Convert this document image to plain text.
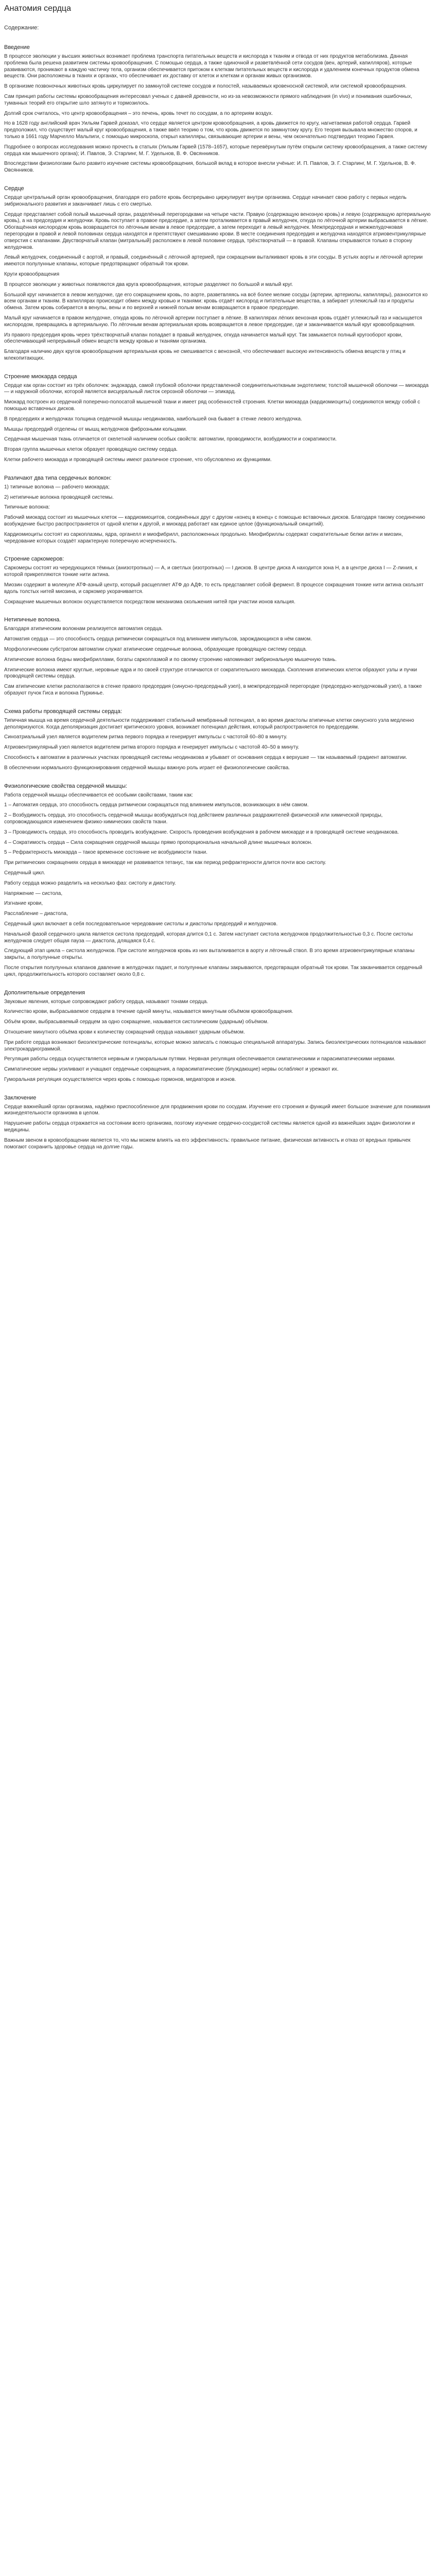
Анатомия сердца
Содержание:
Введение

В процессе эволюции у высших животных возникает проблема транспорта питательных веществ и кислорода к тканям и отвода от них продуктов метаболизма. Данная проблема была решена развитием системы кровообращения. С помощью сердца, а также одиночной и разветвлённой сети сосудов (вен, артерий, капилляров), которые развиваются, проникают в каждую частичку тела, организм обеспечивается притоком к клеткам питательных веществ и кислорода и удалением конечных продуктов обмена веществ. Они расположены в тканях и органах, что обеспечивает их доставку от клеток и клеткам и органам живых организмов.

В организме позвоночных животных кровь циркулирует по замкнутой системе сосудов и полостей, называемых кровеносной системой, или системой кровообращения.

Сам принцип работы системы кровообращения интересовал ученых с давней древности, но из-за невозможности прямого наблюдения (in vivo) и понимания ошибочных, туманных теорий его открытие шло затянуто и тормозилось.

Долгий срок считалось, что центр кровообращения – это печень, кровь течет по сосудам, а по артериям воздух.

Но в 1628 году английский врач Уильям Гарвей доказал, что сердце является центром кровообращения, а кровь движется по кругу, нагнетаемая работой сердца. Гарвей предположил, что существует малый круг кровообращения, а также ввёл теорию о том, что кровь движется по замкнутому кругу. Его теория вызывала множество споров, и только в 1661 году Марчелло Мальпиги, с помощью микроскопа, открыл капилляры, связывающие артерии и вены, чем окончательно подтвердил теорию Гарвея.

Подробнее о вопросах исследования можно прочесть в статьях (Уильям Гарвей (1578–1657), которые перевёрнутым путём открыли систему кровообращения, а также систему сердца как мышечного органа); И. Павлов, Э. Старлинг, М. Г. Удельнов, В. Ф. Овсянников.

Впоследствии физиологами было развито изучение системы кровообращения, большой вклад в которое внесли учёные: И. П. Павлов, Э. Г. Старлинг, М. Г. Удельнов, В. Ф. Овсянников.

Сердце

Сердце центральный орган кровообращения, благодаря его работе кровь беспрерывно циркулирует внутри организма. Сердце начинает свою работу с первых недель эмбрионального развития и заканчивает лишь с его смертью.

Сердце представляет собой полый мышечный орган, разделённый перегородками на четыре части. Правую (содержащую венозную кровь) и левую (содержащую артериальную кровь), а на предсердия и желудочки. Кровь поступает в правое предсердие, а затем проталкивается в правый желудочек, откуда по лёгочной артерии выбрасывается в лёгкие. Обогащённая кислородом кровь возвращается по лёгочным венам в левое предсердие, а затем переходит в левый желудочек. Межпредсердная и межжелудочковая перегородки в правой и левой половинах сердца находятся и препятствуют смешиванию крови. В месте соединения предсердия и желудочка находятся атриовентрикулярные отверстия с клапанами. Двустворчатый клапан (митральный) расположен в левой половине сердца, трёхстворчатый — в правой. Клапаны открываются только в сторону желудочков.

Левый желудочек, соединенный с аортой, и правый, соединённый с лёгочной артерией, при сокращении выталкивают кровь в эти сосуды. В устьях аорты и лёгочной артерии имеются полулунные клапаны, которые предотвращают обратный ток крови.

Круги кровообращения

В процессе эволюции у животных появляются два круга кровообращения, которые разделяют по большой и малый круг.

Большой круг начинается в левом желудочке, где его сокращением кровь, по аорте, разветвляясь на всё более мелкие сосуды (артерии, артериолы, капилляры), разносится ко всем органам и тканям. В капиллярах происходит обмен между кровью и тканями: кровь отдаёт кислород и питательные вещества, а забирает углекислый газ и продукты обмена. Затем кровь собирается в венулы, вены и по верхней и нижней полым венам возвращается в правое предсердие.

Малый круг начинается в правом желудочке, откуда кровь по лёгочной артерии поступает в лёгкие. В капиллярах лёгких венозная кровь отдаёт углекислый газ и насыщается кислородом, превращаясь в артериальную. По лёгочным венам артериальная кровь возвращается в левое предсердие, где и заканчивается малый круг кровообращения.

Из правого предсердия кровь через трёхстворчатый клапан попадает в правый желудочек, откуда начинается малый круг. Так замыкается полный кругооборот крови, обеспечивающий непрерывный обмен веществ между кровью и тканями организма.

Благодаря наличию двух кругов кровообращения артериальная кровь не смешивается с венозной, что обеспечивает высокую интенсивность обмена веществ у птиц и млекопитающих.

Строение миокарда сердца

Сердце как орган состоит из трёх оболочек: эндокарда, самой глубокой оболочки представленной соединительнотканым эндотелием; толстой мышечной оболочки — миокарда — и наружной оболочки, которой является висцеральный листок серозной оболочки — эпикард.

Миокард построен из сердечной поперечно-полосатой мышечной ткани и имеет ряд особенностей строения. Клетки миокарда (кардиомиоциты) соединяются между собой с помощью вставочных дисков.

В предсердиях и желудочках толщина сердечной мышцы неодинакова, наибольшей она бывает в стенке левого желудочка.

Мышцы предсердий отделены от мышц желудочков фиброзными кольцами.

Сердечная мышечная ткань отличается от скелетной наличием особых свойств: автоматии, проводимости, возбудимости и сократимости.

Вторая группа мышечных клеток образует проводящую систему сердца.

Клетки рабочего миокарда и проводящей системы имеют различное строение, что обусловлено их функциями.

Различают два типа сердечных волокон:

1) типичные волокна — рабочего миокарда;

2) нетипичные волокна проводящей системы.

Типичные волокна:

Рабочий миокард состоит из мышечных клеток — кардиомиоцитов, соединённых друг с другом «конец в конец» с помощью вставочных дисков. Благодаря такому соединению возбуждение быстро распространяется от одной клетки к другой, и миокард работает как единое целое (функциональный синцитий).

Кардиомиоциты состоят из саркоплазмы, ядра, органелл и миофибрилл, расположенных продольно. Миофибриллы содержат сократительные белки актин и миозин, чередование которых создаёт характерную поперечную исчерченность.

Строение саркомеров:

Саркомеры состоят из чередующихся тёмных (анизотропных) — А, и светлых (изотропных) — I дисков. В центре диска А находится зона Н, а в центре диска I — Z-линия, к которой прикрепляются тонкие нити актина.

Миозин содержит в молекуле АТФ-азный центр, который расщепляет АТФ до АДФ, то есть представляет собой фермент. В процессе сокращения тонкие нити актина скользят вдоль толстых нитей миозина, и саркомер укорачивается.

Сокращение мышечных волокон осуществляется посредством механизма скольжения нитей при участии ионов кальция.

Нетипичные волокна.

Благодаря атипическим волокнам реализуется автоматия сердца.

Автоматия сердца — это способность сердца ритмически сокращаться под влиянием импульсов, зарождающихся в нём самом.

Морфологическим субстратом автоматии служат атипические сердечные волокна, образующие проводящую систему сердца.

Атипические волокна бедны миофибриллами, богаты саркоплазмой и по своему строению напоминают эмбриональную мышечную ткань.

Атипические волокна имеют круглые, неровные ядра и по своей структуре отличаются от сократительного миокарда. Скопления атипических клеток образуют узлы и пучки проводящей системы сердца.

Сам атипические клетки располагаются в стенке правого предсердия (синусно-предсердный узел), в межпредсердной перегородке (предсердно-желудочковый узел), а также образуют пучок Гиса и волокна Пуркинье.

Схема работы проводящей системы сердца:

Типичная мышца на время сердечной деятельности поддерживает стабильный мембранный потенциал, а во время диастолы атипичные клетки синусного узла медленно деполяризуются. Когда деполяризация достигает критического уровня, возникает потенциал действия, который распространяется по предсердиям.

Синоатриальный узел является водителем ритма первого порядка и генерирует импульсы с частотой 60–80 в минуту.

Атриовентрикулярный узел является водителем ритма второго порядка и генерирует импульсы с частотой 40–50 в минуту.

Способность к автоматии в различных участках проводящей системы неодинакова и убывает от основания сердца к верхушке — так называемый градиент автоматии.

В обеспечении нормального функционирования сердечной мышцы важную роль играет её физиологические свойства.

Физиологические свойства сердечной мышцы:

Работа сердечной мышцы обеспечивается её особыми свойствами, таким как:

1 – Автоматия сердца, это способность сердца ритмически сокращаться под влиянием импульсов, возникающих в нём самом.

2 – Возбудимость сердца, это способность сердечной мышцы возбуждаться под действием различных раздражителей физической или химической природы, сопровождающаяся изменением физико-химических свойств ткани.

3 – Проводимость сердца, это способность проводить возбуждение. Скорость проведения возбуждения в рабочем миокарде и в проводящей системе неодинакова.

4 – Сократимость сердца – Сила сокращения сердечной мышцы прямо пропорциональна начальной длине мышечных волокон.

5 – Рефрактерность миокарда – такое временное состояние не возбудимости ткани.

При ритмических сокращениях сердца в миокарде не развивается тетанус, так как период рефрактерности длится почти всю систолу.

Сердечный цикл.

Работу сердца можно разделить на несколько фаз: систолу и диастолу.

Напряжение — систола,

Изгнание крови,

Расслабление – диастола,

Сердечный цикл включает в себя последовательное чередование систолы и диастолы предсердий и желудочков.

Начальной фазой сердечного цикла является систола предсердий, которая длится 0,1 с. Затем наступает систола желудочков продолжительностью 0,3 с. После систолы желудочков следует общая пауза — диастола, длящаяся 0,4 с.

Следующий этап цикла – систола желудочков. При систоле желудочков кровь из них выталкивается в аорту и лёгочный ствол. В это время атриовентрикулярные клапаны закрыты, а полулунные открыты.

После открытия полулунных клапанов давление в желудочках падает, и полулунные клапаны закрываются, предотвращая обратный ток крови. Так заканчивается сердечный цикл, продолжительность которого составляет около 0,8 с.

Дополнительные определения

Звуковые явления, которые сопровождают работу сердца, называют тонами сердца.

Количество крови, выбрасываемое сердцем в течение одной минуты, называется минутным объёмом кровообращения.

Объём крови, выбрасываемый сердцем за одно сокращение, называется систолическим (ударным) объёмом.

Отношение минутного объёма крови к количеству сокращений сердца называют ударным объёмом.

При работе сердца возникают биоэлектрические потенциалы, которые можно записать с помощью специальной аппаратуры. Запись биоэлектрических потенциалов называют электрокардиограммой.

Регуляция работы сердца осуществляется нервным и гуморальным путями. Нервная регуляция обеспечивается симпатическими и парасимпатическими нервами.

Симпатические нервы усиливают и учащают сердечные сокращения, а парасимпатические (блуждающие) нервы ослабляют и урежают их.

Гуморальная регуляция осуществляется через кровь с помощью гормонов, медиаторов и ионов.

Заключение

Сердце важнейший орган организма, надёжно приспособленное для продвижения крови по сосудам. Изучение его строения и функций имеет большое значение для понимания жизнедеятельности организма в целом.

Нарушение работы сердца отражается на состоянии всего организма, поэтому изучение сердечно-сосудистой системы является одной из важнейших задач физиологии и медицины.

Важным звеном в кровообращении является то, что мы можем влиять на его эффективность: правильное питание, физическая активность и отказ от вредных привычек помогают сохранить здоровье сердца на долгие годы.
